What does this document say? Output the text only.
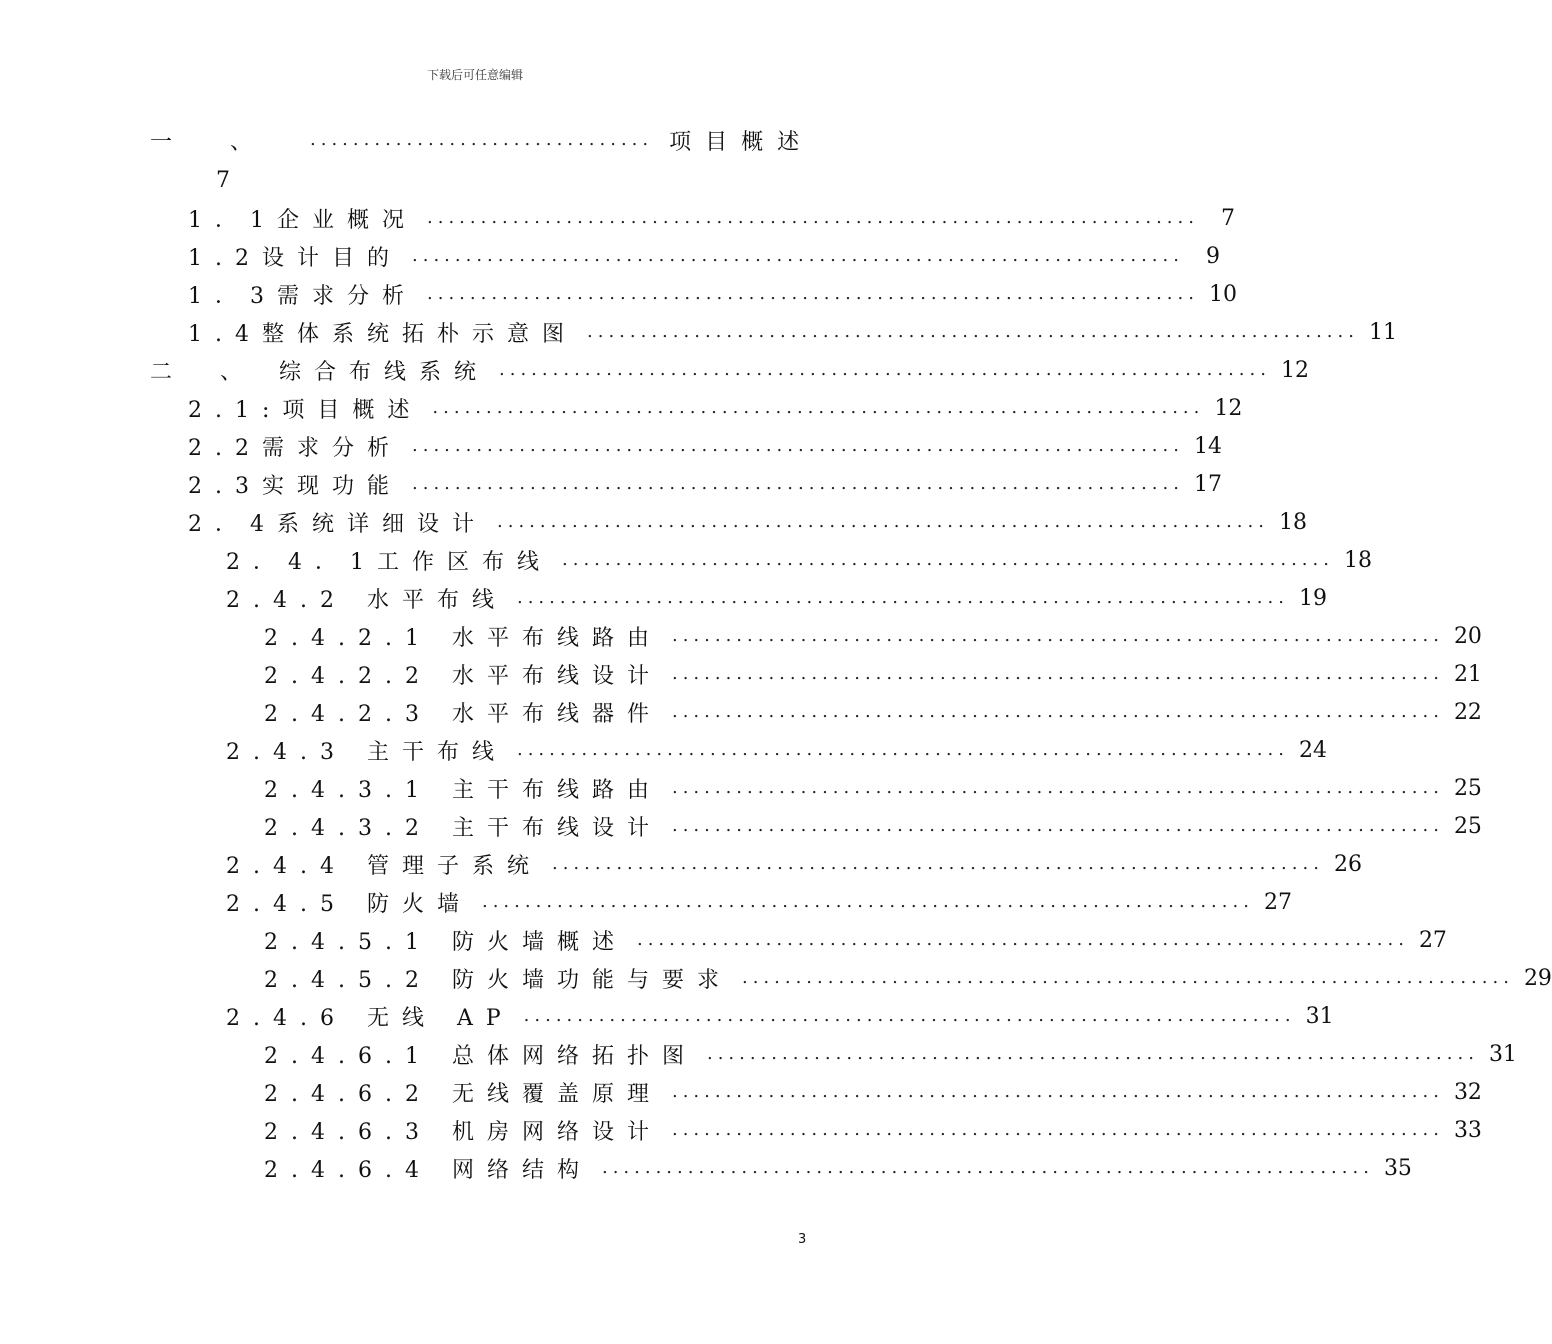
下载后可任意编辑
一　、 ................................ 项目概述
7
1．1企业概况 ........................................................................	7
1.2设计目的 ........................................................................	9
1．3需求分析 ........................................................................ 10
1.4整体系统拓朴示意图 ........................................................................ 11
二　、　综合布线系统 ........................................................................ 12
2.1:项目概述 ........................................................................ 12
2.2需求分析 ........................................................................ 14
2.3实现功能 ........................................................................ 17
2．4系统详细设计 ........................................................................ 18
2．4．1工作区布线 ........................................................................ 18
2.4.2 水平布线 ........................................................................ 19
2.4.2.1 水平布线路由 ........................................................................ 20
2.4.2.2 水平布线设计 ........................................................................ 21
2.4.2.3 水平布线器件 ........................................................................ 22
2.4.3 主干布线 ........................................................................ 24
2.4.3.1 主干布线路由 ........................................................................ 25
2.4.3.2 主干布线设计 ........................................................................ 25
2.4.4 管理子系统 ........................................................................ 26
2.4.5 防火墙 ........................................................................ 27
2.4.5.1 防火墙概述 ........................................................................ 27
2.4.5.2 防火墙功能与要求 ........................................................................ 29
2.4.6 无线 AP ........................................................................ 31
2.4.6.1 总体网络拓扑图 ........................................................................ 31
2.4.6.2 无线覆盖原理 ........................................................................ 32
2.4.6.3 机房网络设计 ........................................................................ 33
2.4.6.4 网络结构 ........................................................................ 35
3
